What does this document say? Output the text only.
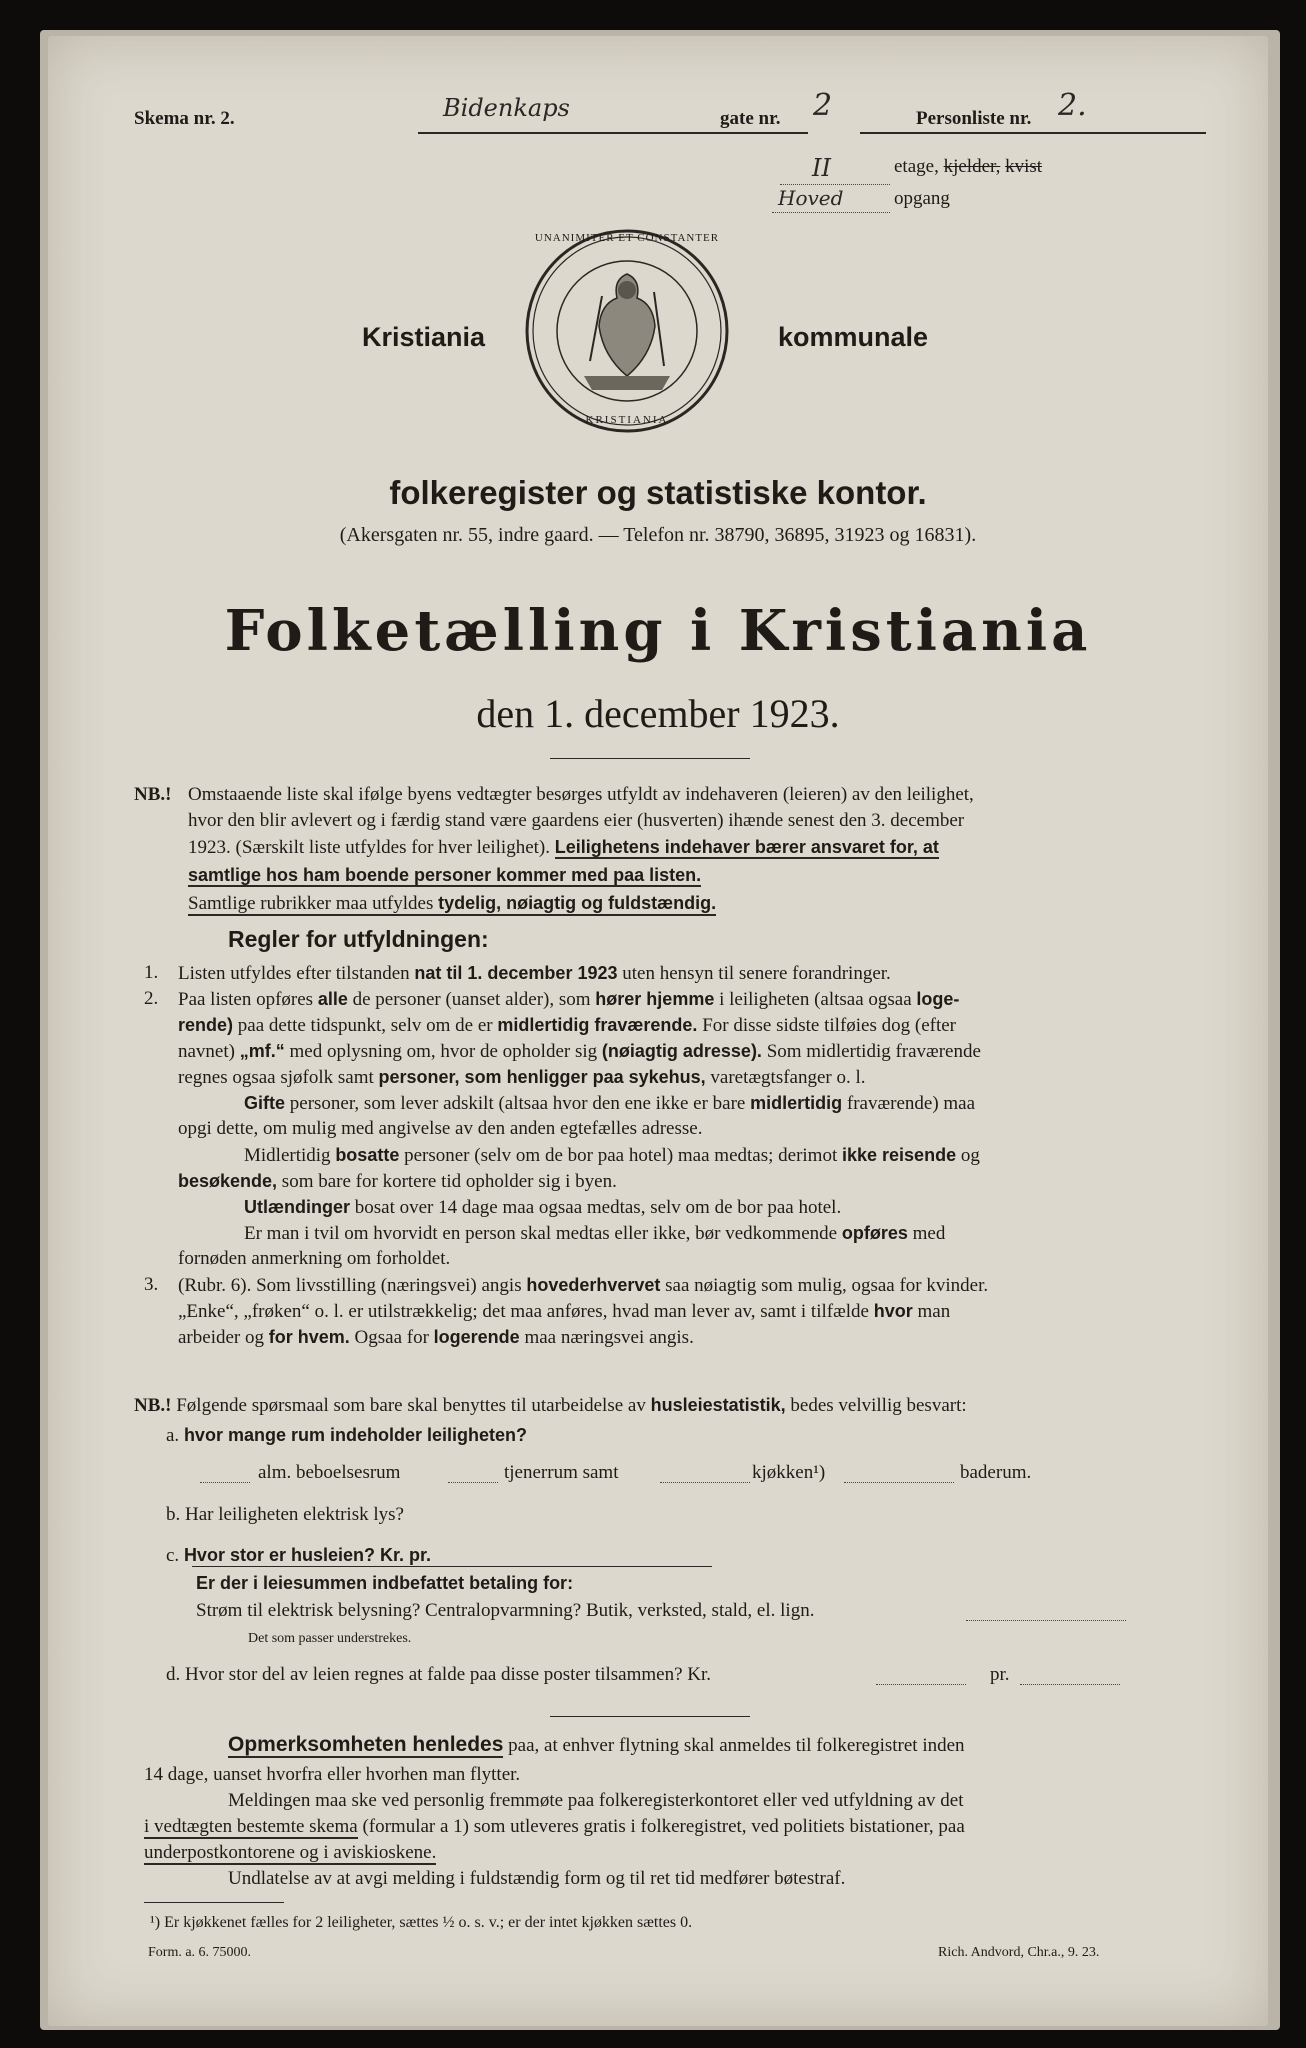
Skema nr. 2.	Bidenkaps	gate nr. 2	Personliste nr. 2.
II	etage, kjelder, kvist
Hoved	opgang
UNANIMITER ET CONSTANTER
KRISTIANIA
Kristiania	kommunale
folkeregister og statistiske kontor.
(Akersgaten nr. 55, indre gaard. — Telefon nr. 38790, 36895, 31923 og 16831).
Folketælling i Kristiania
den 1. december 1923.
NB.! Omstaaende liste skal ifølge byens vedtægter besørges utfyldt av indehaveren (leieren) av den leilighet,
hvor den blir avlevert og i færdig stand være gaardens eier (husverten) ihænde senest den 3. december
1923. (Særskilt liste utfyldes for hver leilighet). Leilighetens indehaver bærer ansvaret for, at
samtlige hos ham boende personer kommer med paa listen.
Samtlige rubrikker maa utfyldes tydelig, nøiagtig og fuldstændig.
Regler for utfyldningen:
1. Listen utfyldes efter tilstanden nat til 1. december 1923 uten hensyn til senere forandringer.
2. Paa listen opføres alle de personer (uanset alder), som hører hjemme i leiligheten (altsaa ogsaa loge-
rende) paa dette tidspunkt, selv om de er midlertidig fraværende. For disse sidste tilføies dog (efter
navnet) „mf.“ med oplysning om, hvor de opholder sig (nøiagtig adresse). Som midlertidig fraværende
regnes ogsaa sjøfolk samt personer, som henligger paa sykehus, varetægtsfanger o. l.
Gifte personer, som lever adskilt (altsaa hvor den ene ikke er bare midlertidig fraværende) maa
opgi dette, om mulig med angivelse av den anden egtefælles adresse.
Midlertidig bosatte personer (selv om de bor paa hotel) maa medtas; derimot ikke reisende og
besøkende, som bare for kortere tid opholder sig i byen.
Utlændinger bosat over 14 dage maa ogsaa medtas, selv om de bor paa hotel.
Er man i tvil om hvorvidt en person skal medtas eller ikke, bør vedkommende opføres med
fornøden anmerkning om forholdet.
3. (Rubr. 6). Som livsstilling (næringsvei) angis hovederhvervet saa nøiagtig som mulig, ogsaa for kvinder.
„Enke“, „frøken“ o. l. er utilstrækkelig; det maa anføres, hvad man lever av, samt i tilfælde hvor man
arbeider og for hvem. Ogsaa for logerende maa næringsvei angis.
NB.! Følgende spørsmaal som bare skal benyttes til utarbeidelse av husleiestatistik, bedes velvillig besvart:
a. hvor mange rum indeholder leiligheten?
alm. beboelsesrum	tjenerrum samt	kjøkken¹)	baderum.
b. Har leiligheten elektrisk lys?
c. Hvor stor er husleien? Kr. pr.
Er der i leiesummen indbefattet betaling for:
Strøm til elektrisk belysning? Centralopvarmning? Butik, verksted, stald, el. lign.
Det som passer understrekes.
d. Hvor stor del av leien regnes at falde paa disse poster tilsammen? Kr.	pr.
Opmerksomheten henledes paa, at enhver flytning skal anmeldes til folkeregistret inden
14 dage, uanset hvorfra eller hvorhen man flytter.
Meldingen maa ske ved personlig fremmøte paa folkeregisterkontoret eller ved utfyldning av det
i vedtægten bestemte skema (formular a 1) som utleveres gratis i folkeregistret, ved politiets bistationer, paa
underpostkontorene og i aviskioskene.
Undlatelse av at avgi melding i fuldstændig form og til ret tid medfører bøtestraf.
¹) Er kjøkkenet fælles for 2 leiligheter, sættes ½ o. s. v.; er der intet kjøkken sættes 0.
Form. a. 6. 75000.	Rich. Andvord, Chr.a., 9. 23.
